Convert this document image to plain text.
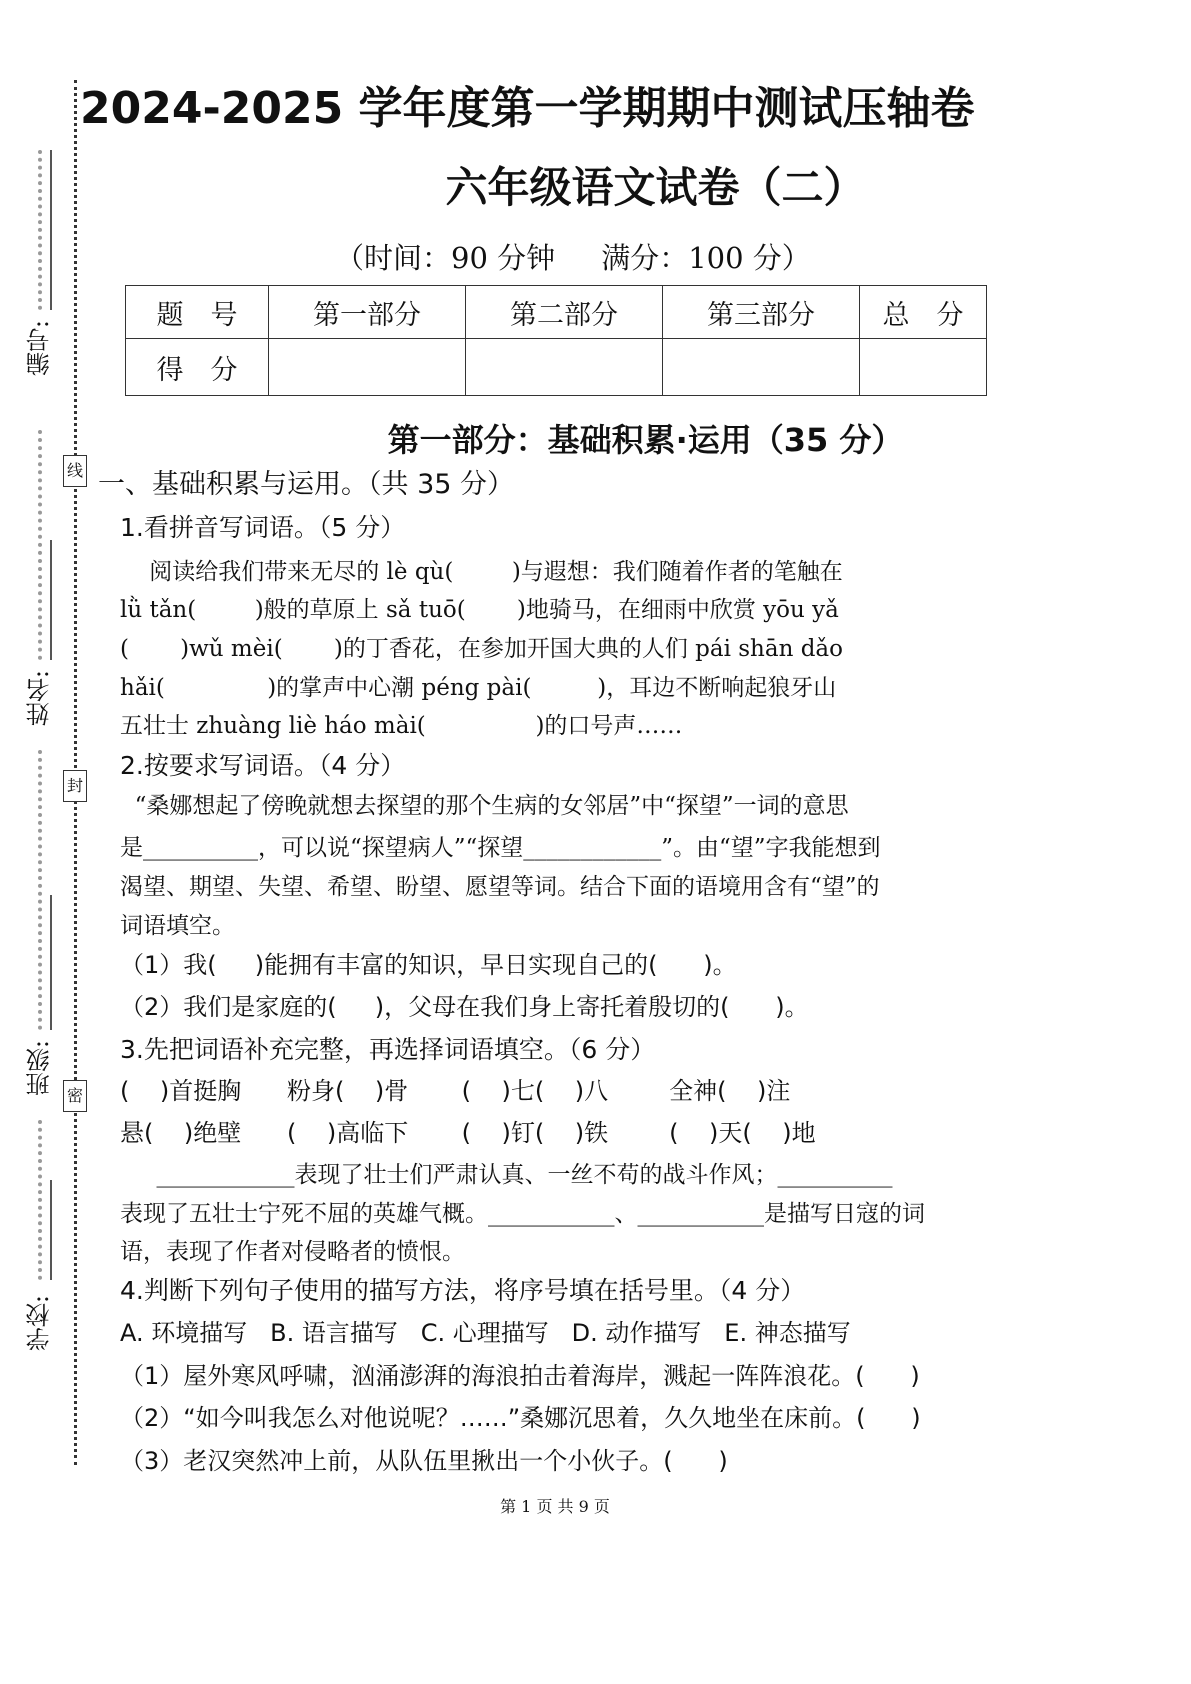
编号:
姓名:
班级:
学校:
线
封
密
2024-2025 学年度第一学期期中测试压轴卷
六年级语文试卷（二）
（时间：90 分钟     满分：100 分）
题　号	第一部分	第二部分	第三部分	总　分
得　分				
第一部分：基础积累·运用（35 分）
一、基础积累与运用。（共 35 分）
1.看拼音写词语。（5 分）
阅读给我们带来无尽的 lè qù(        )与遐想：我们随着作者的笔触在
lǜ tǎn(        )般的草原上 sǎ tuō(       )地骑马，在细雨中欣赏 yōu yǎ
(       )wǔ mèi(       )的丁香花，在参加开国大典的人们 pái shān dǎo
hǎi(              )的掌声中心潮 péng pài(         )，耳边不断响起狼牙山
五壮士 zhuàng liè háo mài(               )的口号声……
2.按要求写词语。（4 分）
“桑娜想起了傍晚就想去探望的那个生病的女邻居”中“探望”一词的意思
是__________，可以说“探望病人”“探望____________”。由“望”字我能想到
渴望、期望、失望、希望、盼望、愿望等词。结合下面的语境用含有“望”的
词语填空。
（1）我(     )能拥有丰富的知识，早日实现自己的(      )。
（2）我们是家庭的(     )，父母在我们身上寄托着殷切的(      )。
3.先把词语补充完整，再选择词语填空。（6 分）
(    )首挺胸      粉身(    )骨       (    )七(    )八        全神(    )注
悬(    )绝壁      (    )高临下       (    )钉(    )铁        (    )天(    )地
____________表现了壮士们严肃认真、一丝不苟的战斗作风；__________
表现了五壮士宁死不屈的英雄气概。___________、___________是描写日寇的词
语，表现了作者对侵略者的愤恨。
4.判断下列句子使用的描写方法，将序号填在括号里。（4 分）
A. 环境描写   B. 语言描写   C. 心理描写   D. 动作描写   E. 神态描写
（1）屋外寒风呼啸，汹涌澎湃的海浪拍击着海岸，溅起一阵阵浪花。(      )
（2）“如今叫我怎么对他说呢？……”桑娜沉思着，久久地坐在床前。(      )
（3）老汉突然冲上前，从队伍里揪出一个小伙子。(      )
第 1 页 共 9 页
